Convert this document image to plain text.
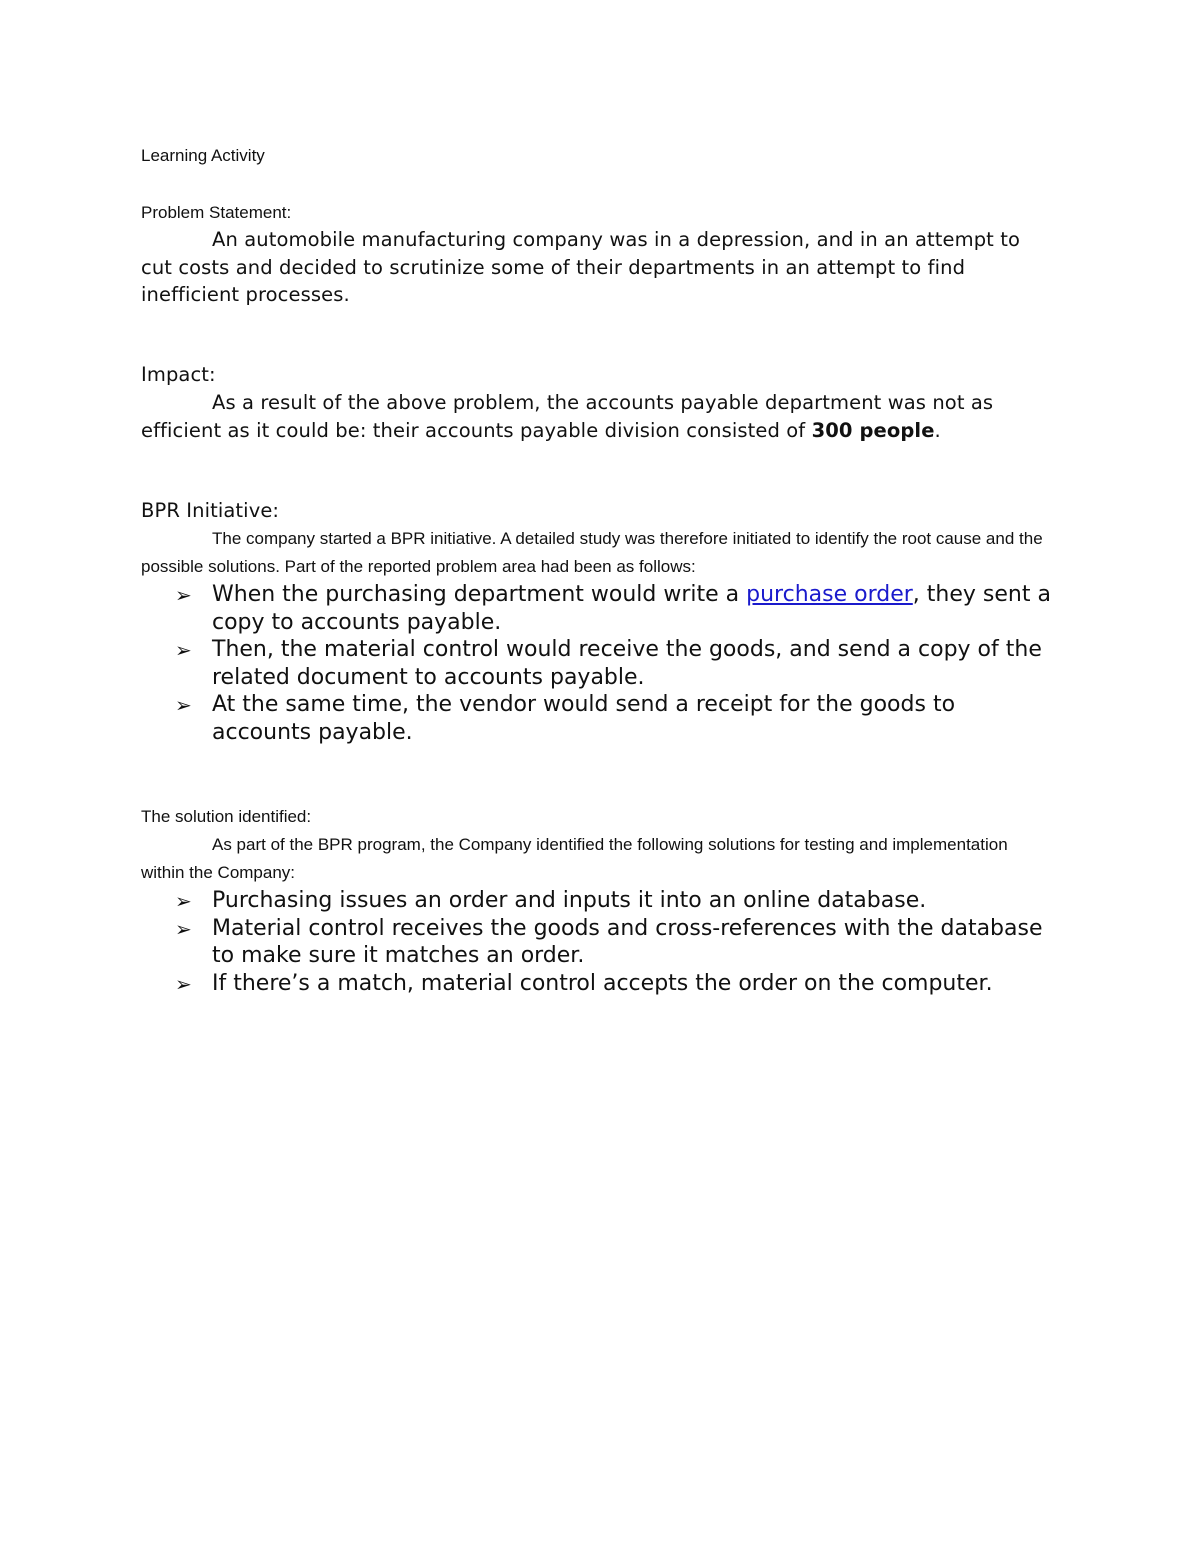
Learning Activity

Problem Statement:

An automobile manufacturing company was in a depression, and in an attempt to cut costs and decided to scrutinize some of their departments in an attempt to find inefficient processes.

Impact:

As a result of the above problem, the accounts payable department was not as efficient as it could be: their accounts payable division consisted of 300 people.

BPR Initiative:

The company started a BPR initiative. A detailed study was therefore initiated to identify the root cause and the possible solutions. Part of the reported problem area had been as follows:

➢ When the purchasing department would write a purchase order, they sent a copy to accounts payable.
➢ Then, the material control would receive the goods, and send a copy of the related document to accounts payable.
➢ At the same time, the vendor would send a receipt for the goods to accounts payable.

The solution identified:

As part of the BPR program, the Company identified the following solutions for testing and implementation within the Company:

➢ Purchasing issues an order and inputs it into an online database.
➢ Material control receives the goods and cross-references with the database to make sure it matches an order.
➢ If there’s a match, material control accepts the order on the computer.
